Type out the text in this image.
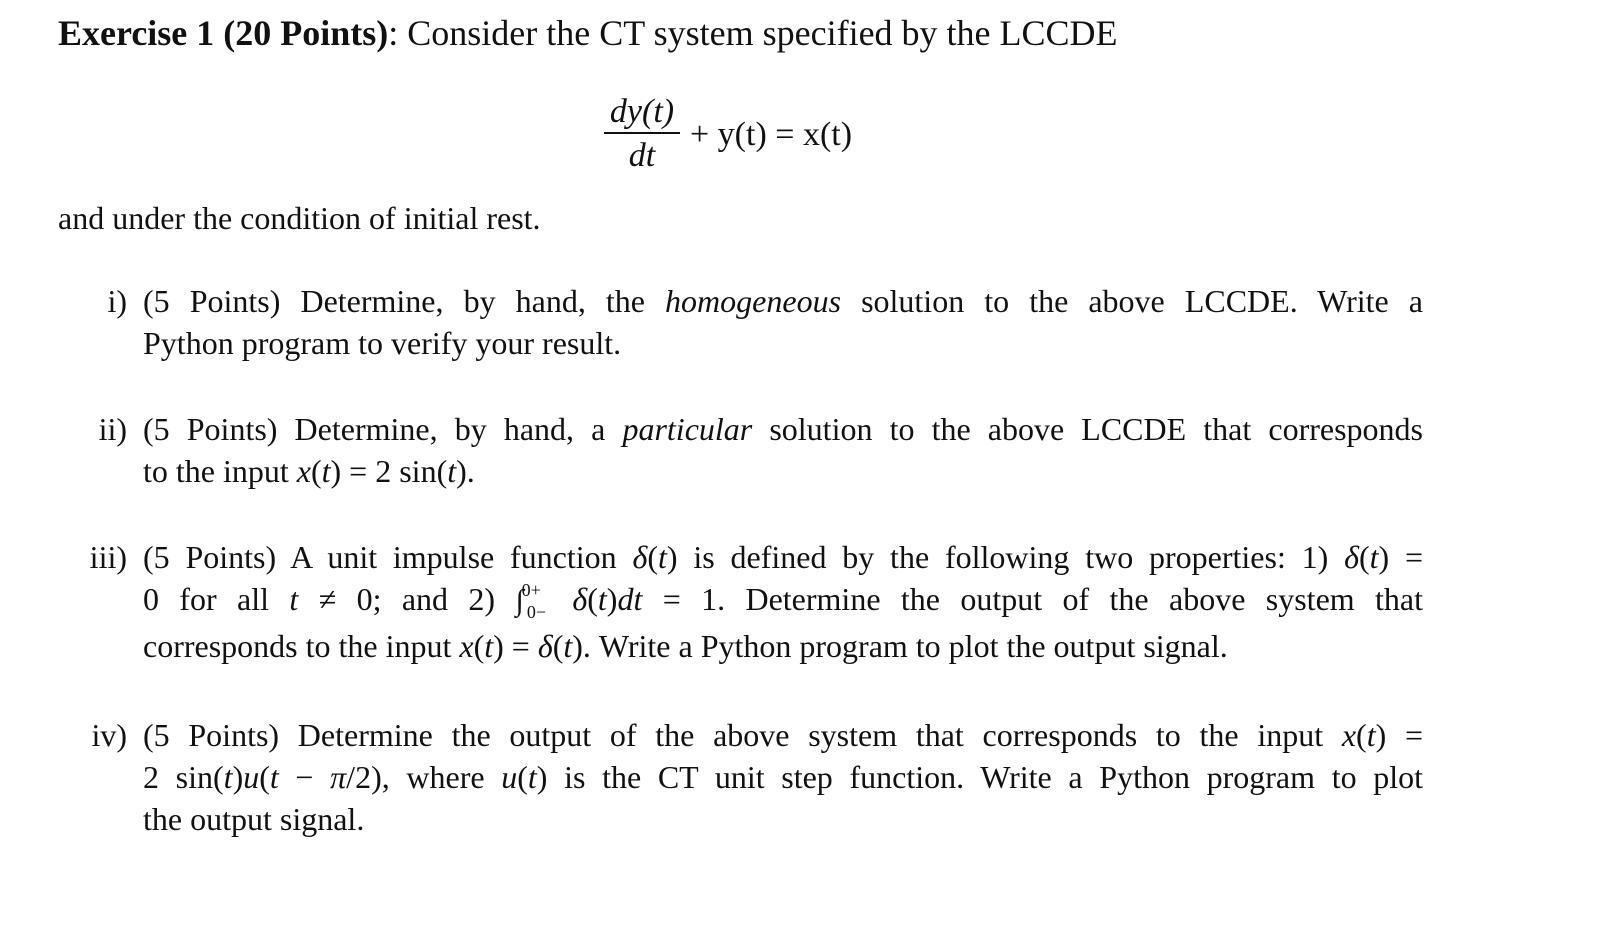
Exercise 1 (20 Points): Consider the CT system specified by the LCCDE
$\frac{dy(t)}{dt} + y(t) = x(t)$
and under the condition of initial rest.
i) (5 Points) Determine, by hand, the homogeneous solution to the above LCCDE. Write a
Python program to verify your result.
ii) (5 Points) Determine, by hand, a particular solution to the above LCCDE that corresponds
to the input x(t) = 2 sin(t).
iii) (5 Points) A unit impulse function δ(t) is defined by the following two properties: 1) δ(t) =
0 for all t ≠ 0; and 2) ∫$^{0+}_{0-}$ δ(t)dt = 1. Determine the output of the above system that
corresponds to the input x(t) = δ(t). Write a Python program to plot the output signal.
iv) (5 Points) Determine the output of the above system that corresponds to the input x(t) =
2 sin(t)u(t − π/2), where u(t) is the CT unit step function. Write a Python program to plot
the output signal.
